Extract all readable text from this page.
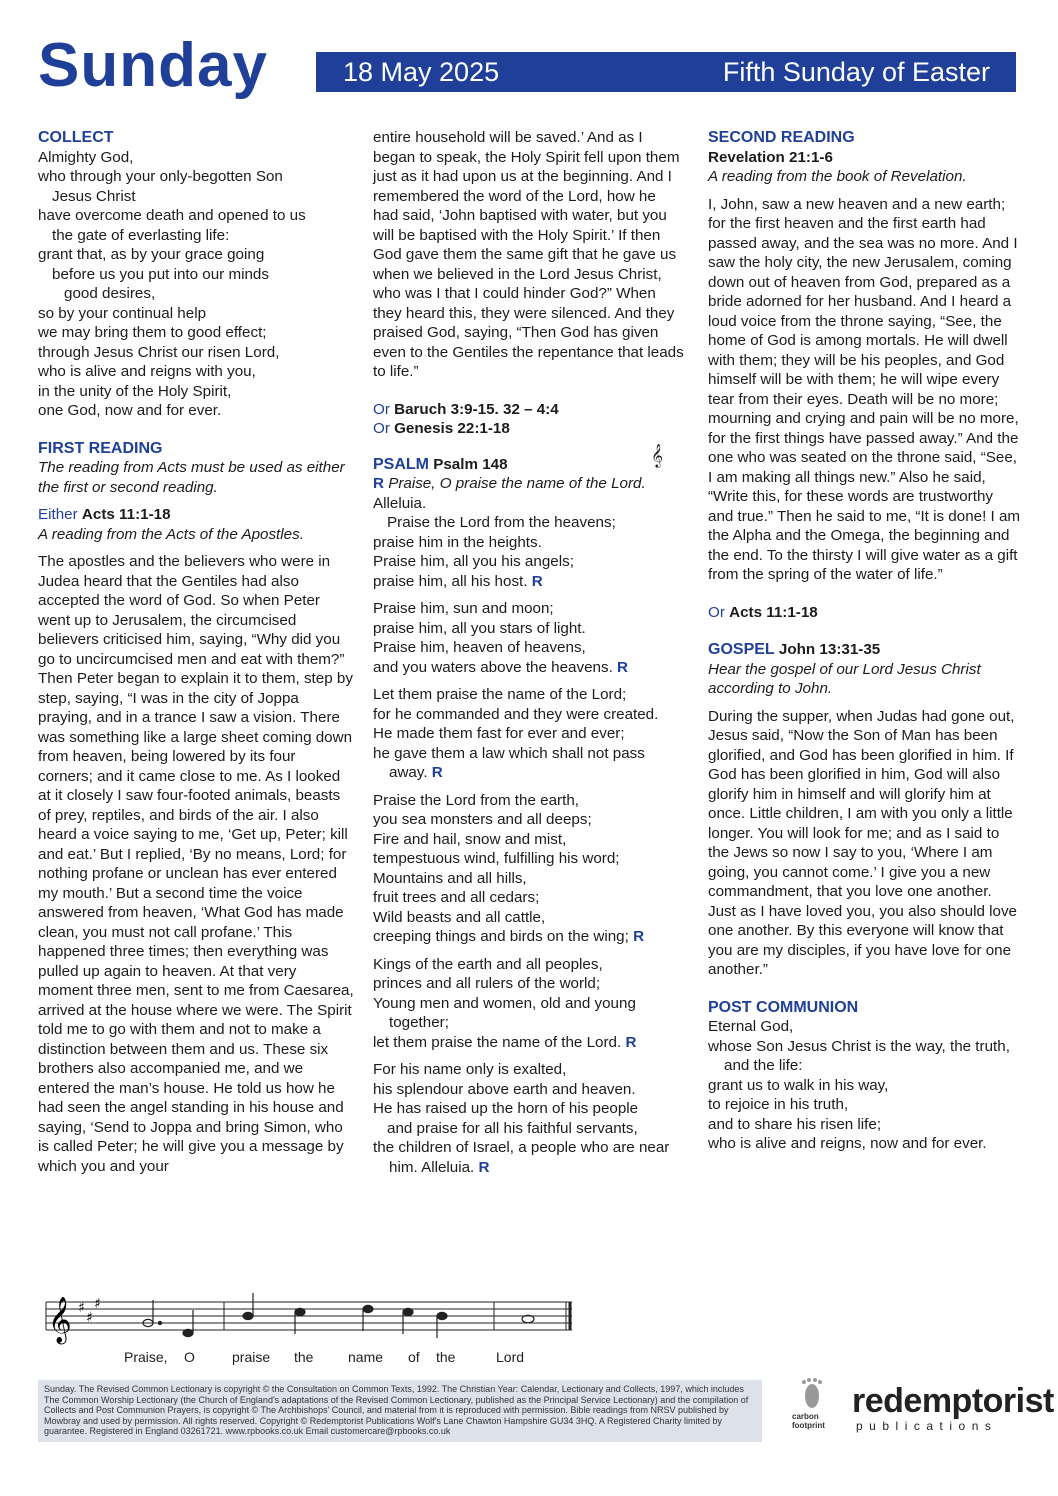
Sunday	18 May 2025	Fifth Sunday of Easter

COLLECT

Almighty God,

who through your only-begotten Son

Jesus Christ

have overcome death and opened to us

the gate of everlasting life:

grant that, as by your grace going

before us you put into our minds

good desires,

so by your continual help

we may bring them to good effect;

through Jesus Christ our risen Lord,

who is alive and reigns with you,

in the unity of the Holy Spirit,

one God, now and for ever.

FIRST READING

The reading from Acts must be used as either the first or second reading.

Either Acts 11:1-18

A reading from the Acts of the Apostles.

The apostles and the believers who were in Judea heard that the Gentiles had also accepted the word of God. So when Peter went up to Jerusalem, the circumcised believers criticised him, saying, “Why did you go to uncircumcised men and eat with them?” Then Peter began to explain it to them, step by step, saying, “I was in the city of Joppa praying, and in a trance I saw a vision. There was something like a large sheet coming down from heaven, being lowered by its four corners; and it came close to me. As I looked at it closely I saw four-footed animals, beasts of prey, reptiles, and birds of the air. I also heard a voice saying to me, ‘Get up, Peter; kill and eat.’ But I replied, ‘By no means, Lord; for nothing profane or unclean has ever entered my mouth.’ But a second time the voice answered from heaven, ‘What God has made clean, you must not call profane.’ This happened three times; then everything was pulled up again to heaven. At that very moment three men, sent to me from Caesarea, arrived at the house where we were. The Spirit told me to go with them and not to make a distinction between them and us. These six brothers also accompanied me, and we entered the man’s house. He told us how he had seen the angel standing in his house and saying, ‘Send to Joppa and bring Simon, who is called Peter; he will give you a message by which you and your

entire household will be saved.’ And as I began to speak, the Holy Spirit fell upon them just as it had upon us at the beginning. And I remembered the word of the Lord, how he had said, ‘John baptised with water, but you will be baptised with the Holy Spirit.’ If then God gave them the same gift that he gave us when we believed in the Lord Jesus Christ, who was I that I could hinder God?” When they heard this, they were silenced. And they praised God, saying, “Then God has given even to the Gentiles the repentance that leads to life.”

Or Baruch 3:9-15. 32 – 4:4

Or Genesis 22:1-18

PSALM Psalm 148	𝄞

R Praise, O praise the name of the Lord.

Alleluia.

Praise the Lord from the heavens;

praise him in the heights.

Praise him, all you his angels;

praise him, all his host. R

Praise him, sun and moon;

praise him, all you stars of light.

Praise him, heaven of heavens,

and you waters above the heavens. R

Let them praise the name of the Lord;

for he commanded and they were created.

He made them fast for ever and ever;

he gave them a law which shall not pass away. R

Praise the Lord from the earth,

you sea monsters and all deeps;

Fire and hail, snow and mist,

tempestuous wind, fulfilling his word;

Mountains and all hills,

fruit trees and all cedars;

Wild beasts and all cattle,

creeping things and birds on the wing; R

Kings of the earth and all peoples,

princes and all rulers of the world;

Young men and women, old and young together;

let them praise the name of the Lord. R

For his name only is exalted,

his splendour above earth and heaven.

He has raised up the horn of his people

and praise for all his faithful servants,

the children of Israel, a people who are near him. Alleluia. R

SECOND READING

Revelation 21:1-6

A reading from the book of Revelation.

I, John, saw a new heaven and a new earth; for the first heaven and the first earth had passed away, and the sea was no more. And I saw the holy city, the new Jerusalem, coming down out of heaven from God, prepared as a bride adorned for her husband. And I heard a loud voice from the throne saying, “See, the home of God is among mortals. He will dwell with them; they will be his peoples, and God himself will be with them; he will wipe every tear from their eyes. Death will be no more; mourning and crying and pain will be no more, for the first things have passed away.” And the one who was seated on the throne said, “See, I am making all things new.” Also he said, “Write this, for these words are trustworthy and true.” Then he said to me, “It is done! I am the Alpha and the Omega, the beginning and the end. To the thirsty I will give water as a gift from the spring of the water of life.”

Or Acts 11:1-18

GOSPEL John 13:31-35

Hear the gospel of our Lord Jesus Christ according to John.

During the supper, when Judas had gone out, Jesus said, “Now the Son of Man has been glorified, and God has been glorified in him. If God has been glorified in him, God will also glorify him in himself and will glorify him at once. Little children, I am with you only a little longer. You will look for me; and as I said to the Jews so now I say to you, ‘Where I am going, you cannot come.’ I give you a new commandment, that you love one another. Just as I have loved you, you also should love one another. By this everyone will know that you are my disciples, if you have love for one another.”

POST COMMUNION

Eternal God,

whose Son Jesus Christ is the way, the truth, and the life:

grant us to walk in his way,

to rejoice in his truth,

and to share his risen life;

who is alive and reigns, now and for ever.

𝄞 ♯
♯
♯
Praise, O	praise the name of the	Lord
Sunday. The Revised Common Lectionary is copyright © the Consultation on Common Texts, 1992. The Christian Year: Calendar, Lectionary and Collects, 1997, which includes The Common Worship Lectionary (the Church of England's adaptations of the Revised Common Lectionary, published as the Principal Service Lectionary) and the compilation of Collects and Post Communion Prayers, is copyright © The Archbishops' Council, and material from it is reproduced with permission. Bible readings from NRSV published by Mowbray and used by permission. All rights reserved. Copyright © Redemptorist Publications Wolf's Lane Chawton Hampshire GU34 3HQ. A Registered Charity limited by guarantee. Registered in England 03261721. www.rpbooks.co.uk Email customercare@rpbooks.co.uk
carbon footprint
redemptorist
publications
